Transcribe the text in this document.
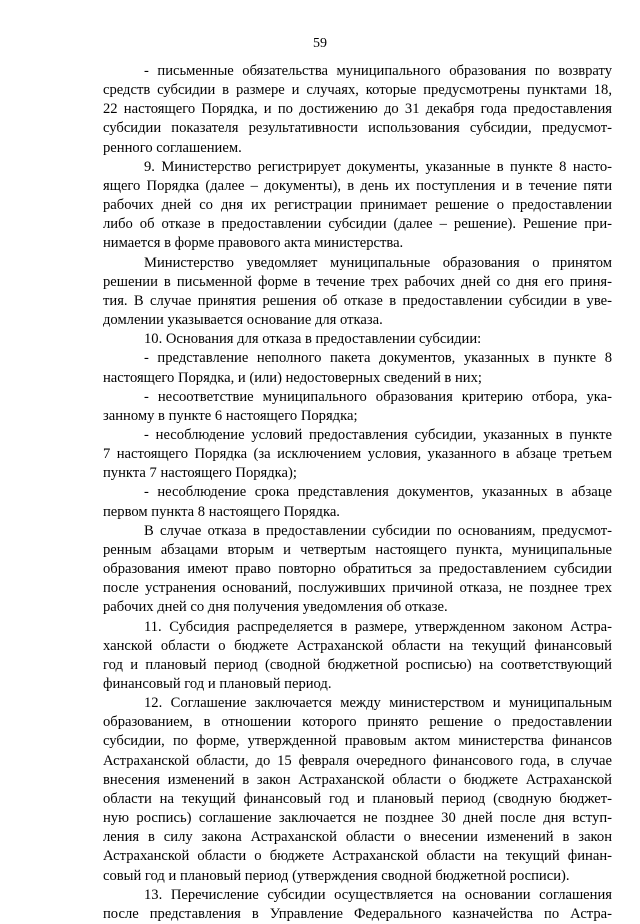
59
- письменные обязательства муниципального образования по возврату
средств субсидии в размере и случаях, которые предусмотрены пунктами 18,
22 настоящего Порядка, и по достижению до 31 декабря года предоставления
субсидии показателя результативности использования субсидии, предусмот-
ренного соглашением.
9. Министерство регистрирует документы, указанные в пункте 8 насто-
ящего Порядка (далее – документы), в день их поступления и в течение пяти
рабочих дней со дня их регистрации принимает решение о предоставлении
либо об отказе в предоставлении субсидии (далее – решение). Решение при-
нимается в форме правового акта министерства.
Министерство уведомляет муниципальные образования о принятом
решении в письменной форме в течение трех рабочих дней со дня его приня-
тия. В случае принятия решения об отказе в предоставлении субсидии в уве-
домлении указывается основание для отказа.
10. Основания для отказа в предоставлении субсидии:
- представление неполного пакета документов, указанных в пункте 8
настоящего Порядка, и (или) недостоверных сведений в них;
- несоответствие муниципального образования критерию отбора, ука-
занному в пункте 6 настоящего Порядка;
- несоблюдение условий предоставления субсидии, указанных в пункте
7 настоящего Порядка (за исключением условия, указанного в абзаце третьем
пункта 7 настоящего Порядка);
- несоблюдение срока представления документов, указанных в абзаце
первом пункта 8 настоящего Порядка.
В случае отказа в предоставлении субсидии по основаниям, предусмот-
ренным абзацами вторым и четвертым настоящего пункта, муниципальные
образования имеют право повторно обратиться за предоставлением субсидии
после устранения оснований, послуживших причиной отказа, не позднее трех
рабочих дней со дня получения уведомления об отказе.
11. Субсидия распределяется в размере, утвержденном законом Астра-
ханской области о бюджете Астраханской области на текущий финансовый
год и плановый период (сводной бюджетной росписью) на соответствующий
финансовый год и плановый период.
12. Соглашение заключается между министерством и муниципальным
образованием, в отношении которого принято решение о предоставлении
субсидии, по форме, утвержденной правовым актом министерства финансов
Астраханской области, до 15 февраля очередного финансового года, в случае
внесения изменений в закон Астраханской области о бюджете Астраханской
области на текущий финансовый год и плановый период (сводную бюджет-
ную роспись) соглашение заключается не позднее 30 дней после дня вступ-
ления в силу закона Астраханской области о внесении изменений в закон
Астраханской области о бюджете Астраханской области на текущий финан-
совый год и плановый период (утверждения сводной бюджетной росписи).
13. Перечисление субсидии осуществляется на основании соглашения
после представления в Управление Федерального казначейства по Астра-
